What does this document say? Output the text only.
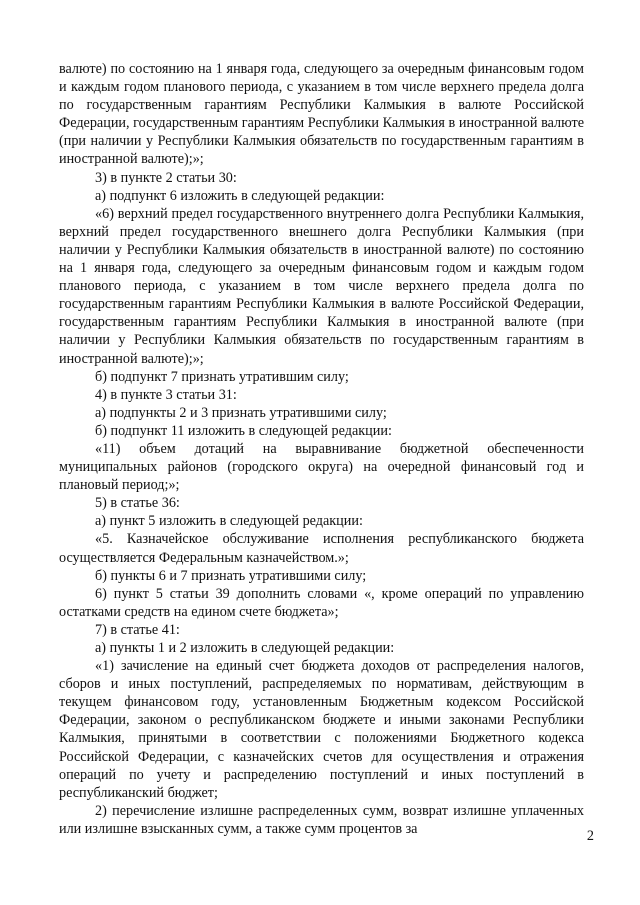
валюте) по состоянию на 1 января года, следующего за очередным финансовым годом и каждым годом планового периода, с указанием в том числе верхнего предела долга по государственным гарантиям Республики Калмыкия в валюте Российской Федерации, государственным гарантиям Республики Калмыкия в иностранной валюте (при наличии у Республики Калмыкия обязательств по государственным гарантиям в иностранной валюте);»;

3) в пункте 2 статьи 30:

а) подпункт 6 изложить в следующей редакции:

«6) верхний предел государственного внутреннего долга Республики Калмыкия, верхний предел государственного внешнего долга Республики Калмыкия (при наличии у Республики Калмыкия обязательств в иностранной валюте) по состоянию на 1 января года, следующего за очередным финансовым годом и каждым годом планового периода, с указанием в том числе верхнего предела долга по государственным гарантиям Республики Калмыкия в валюте Российской Федерации, государственным гарантиям Республики Калмыкия в иностранной валюте (при наличии у Республики Калмыкия обязательств по государственным гарантиям в иностранной валюте);»;

б) подпункт 7 признать утратившим силу;

4) в пункте 3 статьи 31:

а) подпункты 2 и 3 признать утратившими силу;

б) подпункт 11 изложить в следующей редакции:

«11) объем дотаций на выравнивание бюджетной обеспеченности муниципальных районов (городского округа) на очередной финансовый год и плановый период;»;

5) в статье 36:

а) пункт 5 изложить в следующей редакции:

«5. Казначейское обслуживание исполнения республиканского бюджета осуществляется Федеральным казначейством.»;

б) пункты 6 и 7 признать утратившими силу;

6) пункт 5 статьи 39 дополнить словами «, кроме операций по управлению остатками средств на едином счете бюджета»;

7) в статье 41:

а) пункты 1 и 2 изложить в следующей редакции:

«1) зачисление на единый счет бюджета доходов от распределения налогов, сборов и иных поступлений, распределяемых по нормативам, действующим в текущем финансовом году, установленным Бюджетным кодексом Российской Федерации, законом о республиканском бюджете и иными законами Республики Калмыкия, принятыми в соответствии с положениями Бюджетного кодекса Российской Федерации, с казначейских счетов для осуществления и отражения операций по учету и распределению поступлений и иных поступлений в республиканский бюджет;

2) перечисление излишне распределенных сумм, возврат излишне уплаченных или излишне взысканных сумм, а также сумм процентов за	2
